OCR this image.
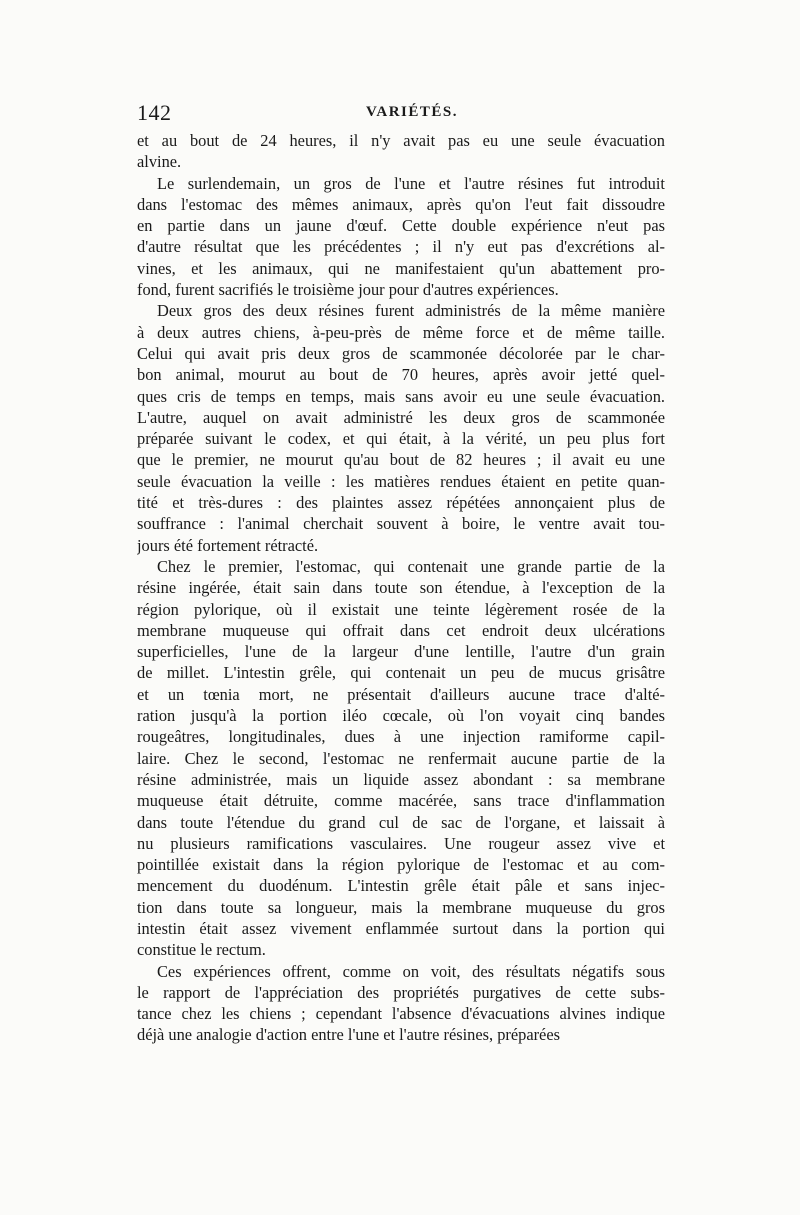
142	VARIÉTÉS.
et au bout de 24 heures, il n'y avait pas eu une seule évacuation
alvine.
Le surlendemain, un gros de l'une et l'autre résines fut introduit
dans l'estomac des mêmes animaux, après qu'on l'eut fait dissoudre
en partie dans un jaune d'œuf. Cette double expérience n'eut pas
d'autre résultat que les précédentes ; il n'y eut pas d'excrétions al-
vines, et les animaux, qui ne manifestaient qu'un abattement pro-
fond, furent sacrifiés le troisième jour pour d'autres expériences.
Deux gros des deux résines furent administrés de la même manière
à deux autres chiens, à-peu-près de même force et de même taille.
Celui qui avait pris deux gros de scammonée décolorée par le char-
bon animal, mourut au bout de 70 heures, après avoir jetté quel-
ques cris de temps en temps, mais sans avoir eu une seule évacuation.
L'autre, auquel on avait administré les deux gros de scammonée
préparée suivant le codex, et qui était, à la vérité, un peu plus fort
que le premier, ne mourut qu'au bout de 82 heures ; il avait eu une
seule évacuation la veille : les matières rendues étaient en petite quan-
tité et très-dures : des plaintes assez répétées annonçaient plus de
souffrance : l'animal cherchait souvent à boire, le ventre avait tou-
jours été fortement rétracté.
Chez le premier, l'estomac, qui contenait une grande partie de la
résine ingérée, était sain dans toute son étendue, à l'exception de la
région pylorique, où il existait une teinte légèrement rosée de la
membrane muqueuse qui offrait dans cet endroit deux ulcérations
superficielles, l'une de la largeur d'une lentille, l'autre d'un grain
de millet. L'intestin grêle, qui contenait un peu de mucus grisâtre
et un tœnia mort, ne présentait d'ailleurs aucune trace d'alté-
ration jusqu'à la portion iléo cœcale, où l'on voyait cinq bandes
rougeâtres, longitudinales, dues à une injection ramiforme capil-
laire. Chez le second, l'estomac ne renfermait aucune partie de la
résine administrée, mais un liquide assez abondant : sa membrane
muqueuse était détruite, comme macérée, sans trace d'inflammation
dans toute l'étendue du grand cul de sac de l'organe, et laissait à
nu plusieurs ramifications vasculaires. Une rougeur assez vive et
pointillée existait dans la région pylorique de l'estomac et au com-
mencement du duodénum. L'intestin grêle était pâle et sans injec-
tion dans toute sa longueur, mais la membrane muqueuse du gros
intestin était assez vivement enflammée surtout dans la portion qui
constitue le rectum.
Ces expériences offrent, comme on voit, des résultats négatifs sous
le rapport de l'appréciation des propriétés purgatives de cette subs-
tance chez les chiens ; cependant l'absence d'évacuations alvines indique
déjà une analogie d'action entre l'une et l'autre résines, préparées
